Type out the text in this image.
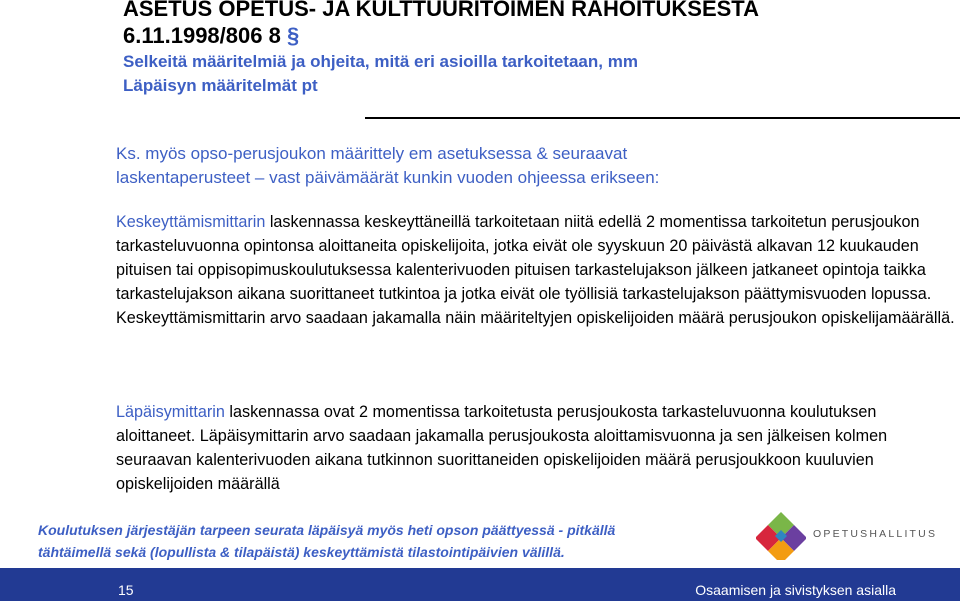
ASETUS OPETUS- JA KULTTUURITOIMEN RAHOITUKSESTA
6.11.1998/806 8 §
Selkeitä määritelmiä ja ohjeita, mitä eri asioilla tarkoitetaan, mm
Läpäisyn määritelmät pt
Ks. myös opso-perusjoukon määrittely em asetuksessa & seuraavat
laskentaperusteet – vast päivämäärät kunkin vuoden ohjeessa erikseen:
Keskeyttämismittarin laskennassa keskeyttäneillä tarkoitetaan niitä edellä 2 momentissa tarkoitetun perusjoukon tarkasteluvuonna opintonsa aloittaneita opiskelijoita, jotka eivät ole syyskuun 20 päivästä alkavan 12 kuukauden pituisen tai oppisopimuskoulutuksessa kalenterivuoden pituisen tarkastelujakson jälkeen jatkaneet opintoja taikka tarkastelujakson aikana suorittaneet tutkintoa ja jotka eivät ole työllisiä tarkastelujakson päättymisvuoden lopussa. Keskeyttämismittarin arvo saadaan jakamalla näin määriteltyjen opiskelijoiden määrä perusjoukon opiskelijamäärällä.
Läpäisymittarin laskennassa ovat 2 momentissa tarkoitetusta perusjoukosta tarkasteluvuonna koulutuksen aloittaneet. Läpäisymittarin arvo saadaan jakamalla perusjoukosta aloittamisvuonna ja sen jälkeisen kolmen seuraavan kalenterivuoden aikana tutkinnon suorittaneiden opiskelijoiden määrä perusjoukkoon kuuluvien opiskelijoiden määrällä
Koulutuksen järjestäjän tarpeen seurata läpäisyä myös heti opson päättyessä - pitkällä
tähtäimellä sekä (lopullista & tilapäistä) keskeyttämistä tilastointipäivien välillä.
OPETUSHALLITUS
15	Osaamisen ja sivistyksen asialla
